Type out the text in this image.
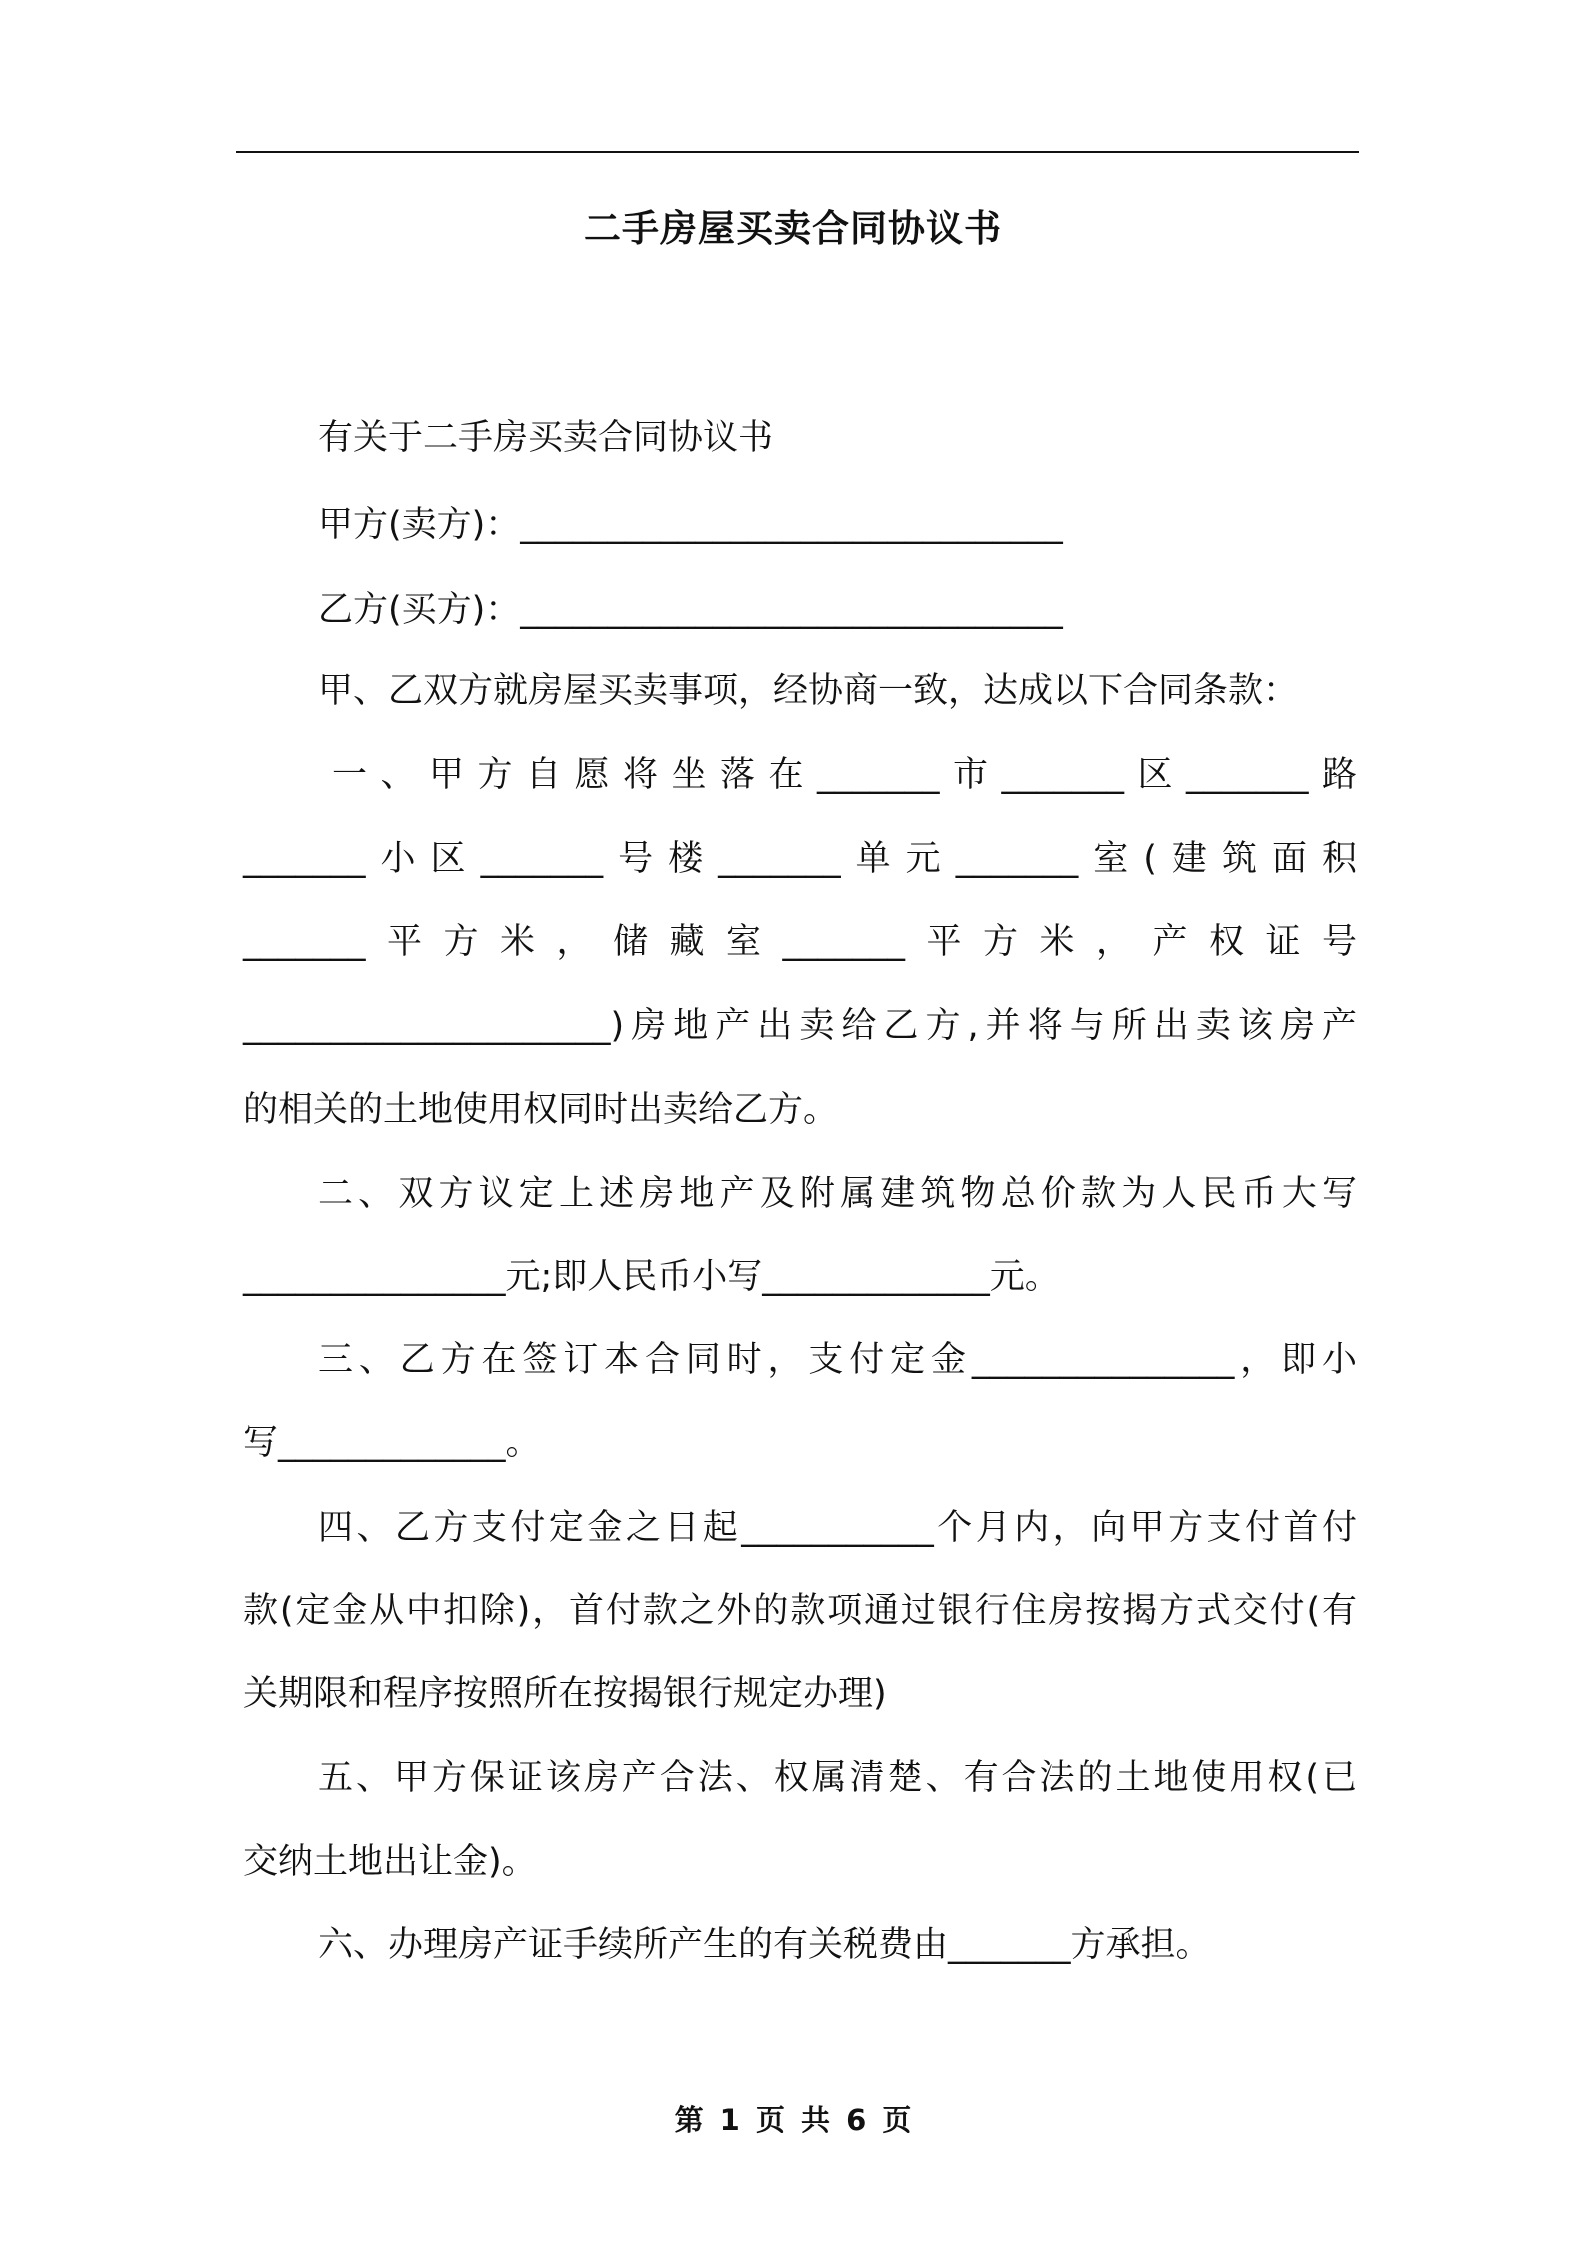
二手房屋买卖合同协议书
有关于二手房买卖合同协议书
甲方(卖方)：_______________________________
乙方(买方)：_______________________________
甲、乙双方就房屋买卖事项，经协商一致，达成以下合同条款：
一、甲方自愿将坐落在_______市_______区_______路
_______小区_______号楼_______单元_______室(建筑面积
_______平方米，储藏室_______平方米，产权证号
_____________________)房地产出卖给乙方,并将与所出卖该房产
的相关的土地使用权同时出卖给乙方。
二、双方议定上述房地产及附属建筑物总价款为人民币大写
_______________元;即人民币小写_____________元。
三、乙方在签订本合同时，支付定金_______________，即小
写_____________。
四、乙方支付定金之日起___________个月内，向甲方支付首付
款(定金从中扣除)，首付款之外的款项通过银行住房按揭方式交付(有
关期限和程序按照所在按揭银行规定办理)
五、甲方保证该房产合法、权属清楚、有合法的土地使用权(已
交纳土地出让金)。
六、办理房产证手续所产生的有关税费由_______方承担。
第 1 页 共 6 页
